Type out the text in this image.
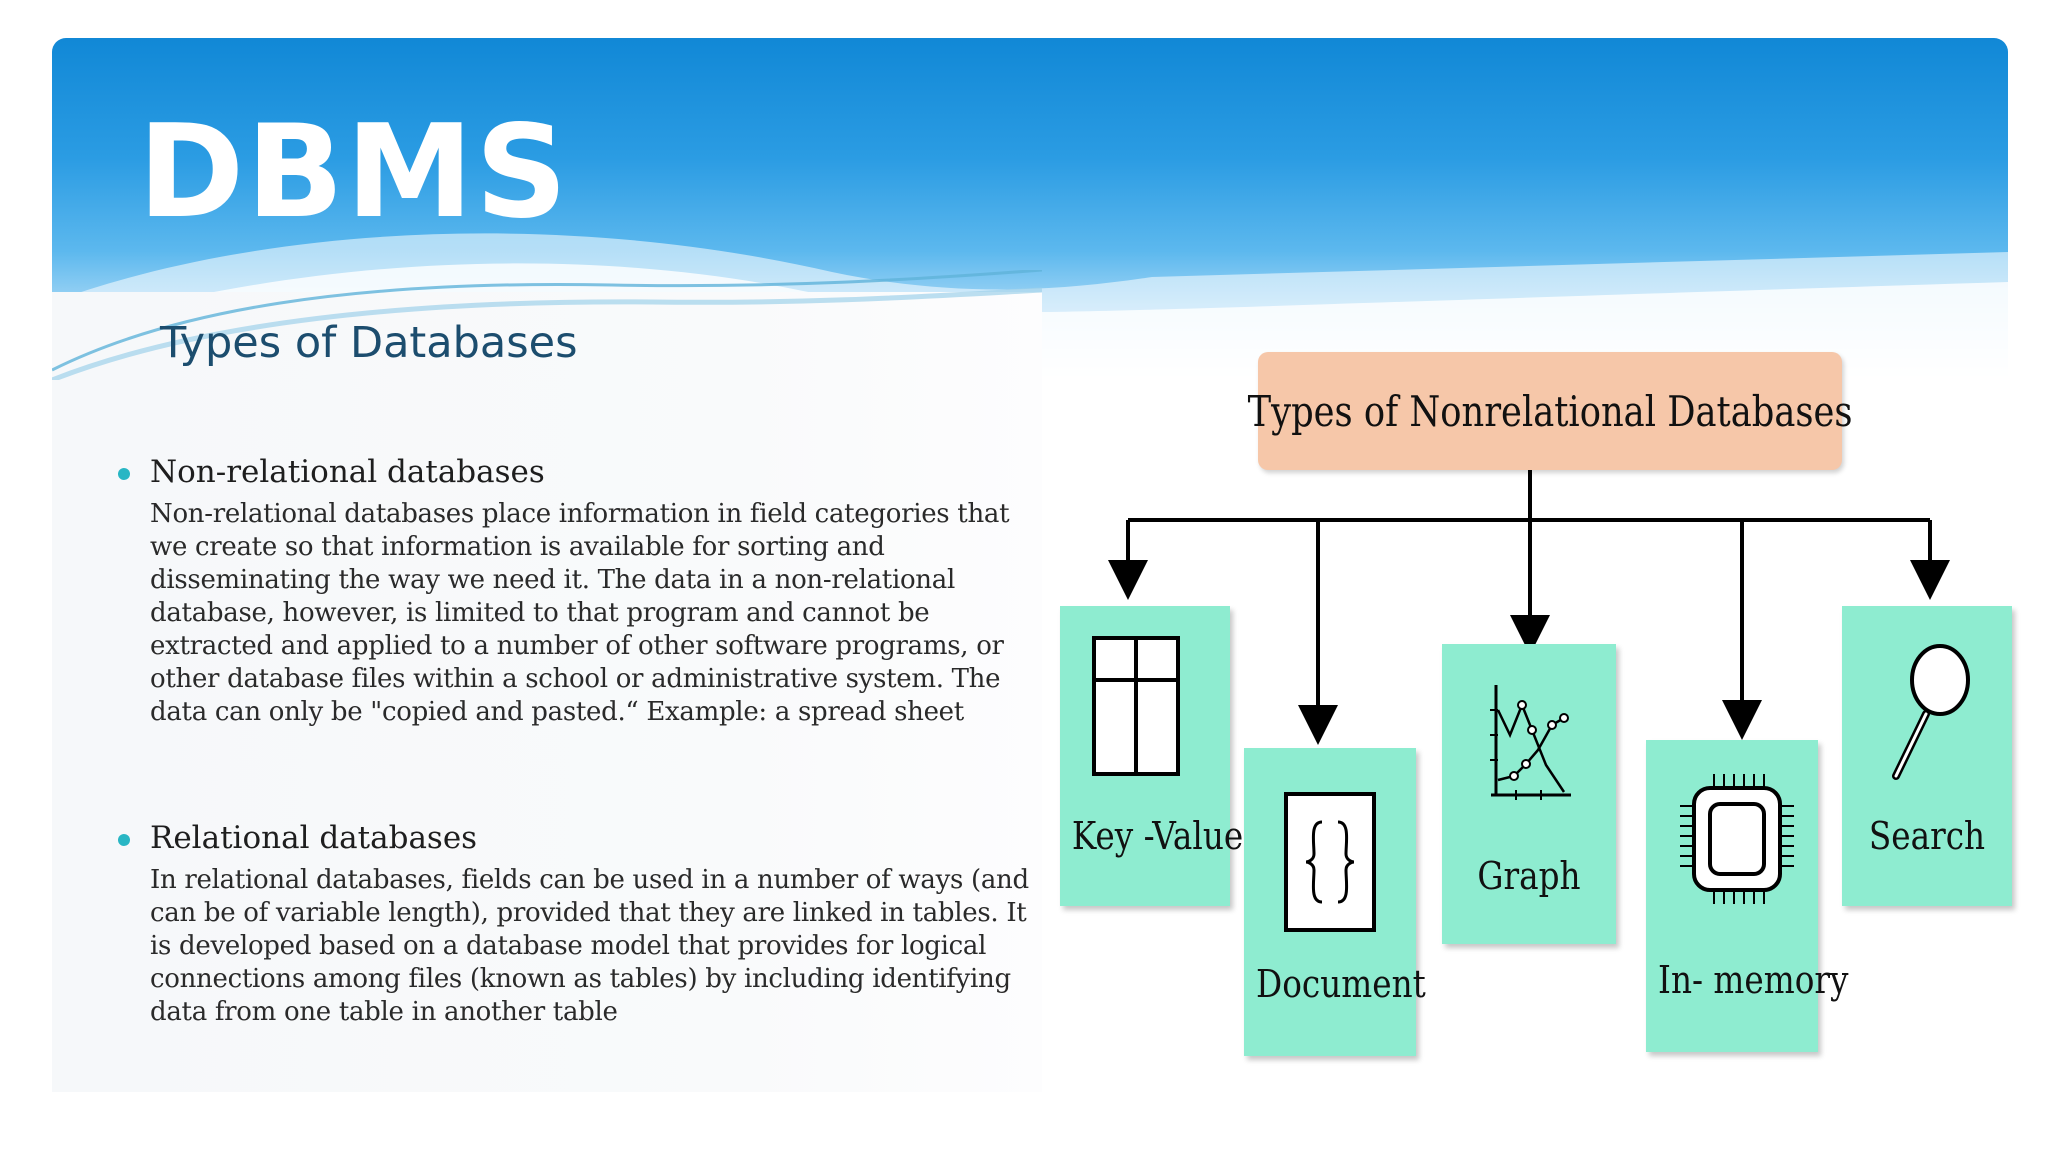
DBMS
Types of Databases
Non-relational databases
Non-relational databases place information in field categories that we create so that information is available for sorting and disseminating the way we need it. The data in a non-relational database, however, is limited to that program and cannot be extracted and applied to a number of other software programs, or other database files within a school or administrative system. The data can only be "copied and pasted.“ Example: a spread sheet
Relational databases
In relational databases, fields can be used in a number of ways (and can be of variable length), provided that they are linked in tables. It is developed based on a database model that provides for logical connections among files (known as tables) by including identifying data from one table in another table
Types of Nonrelational Databases
Key -Value
Document
Graph
In- memory
Search
